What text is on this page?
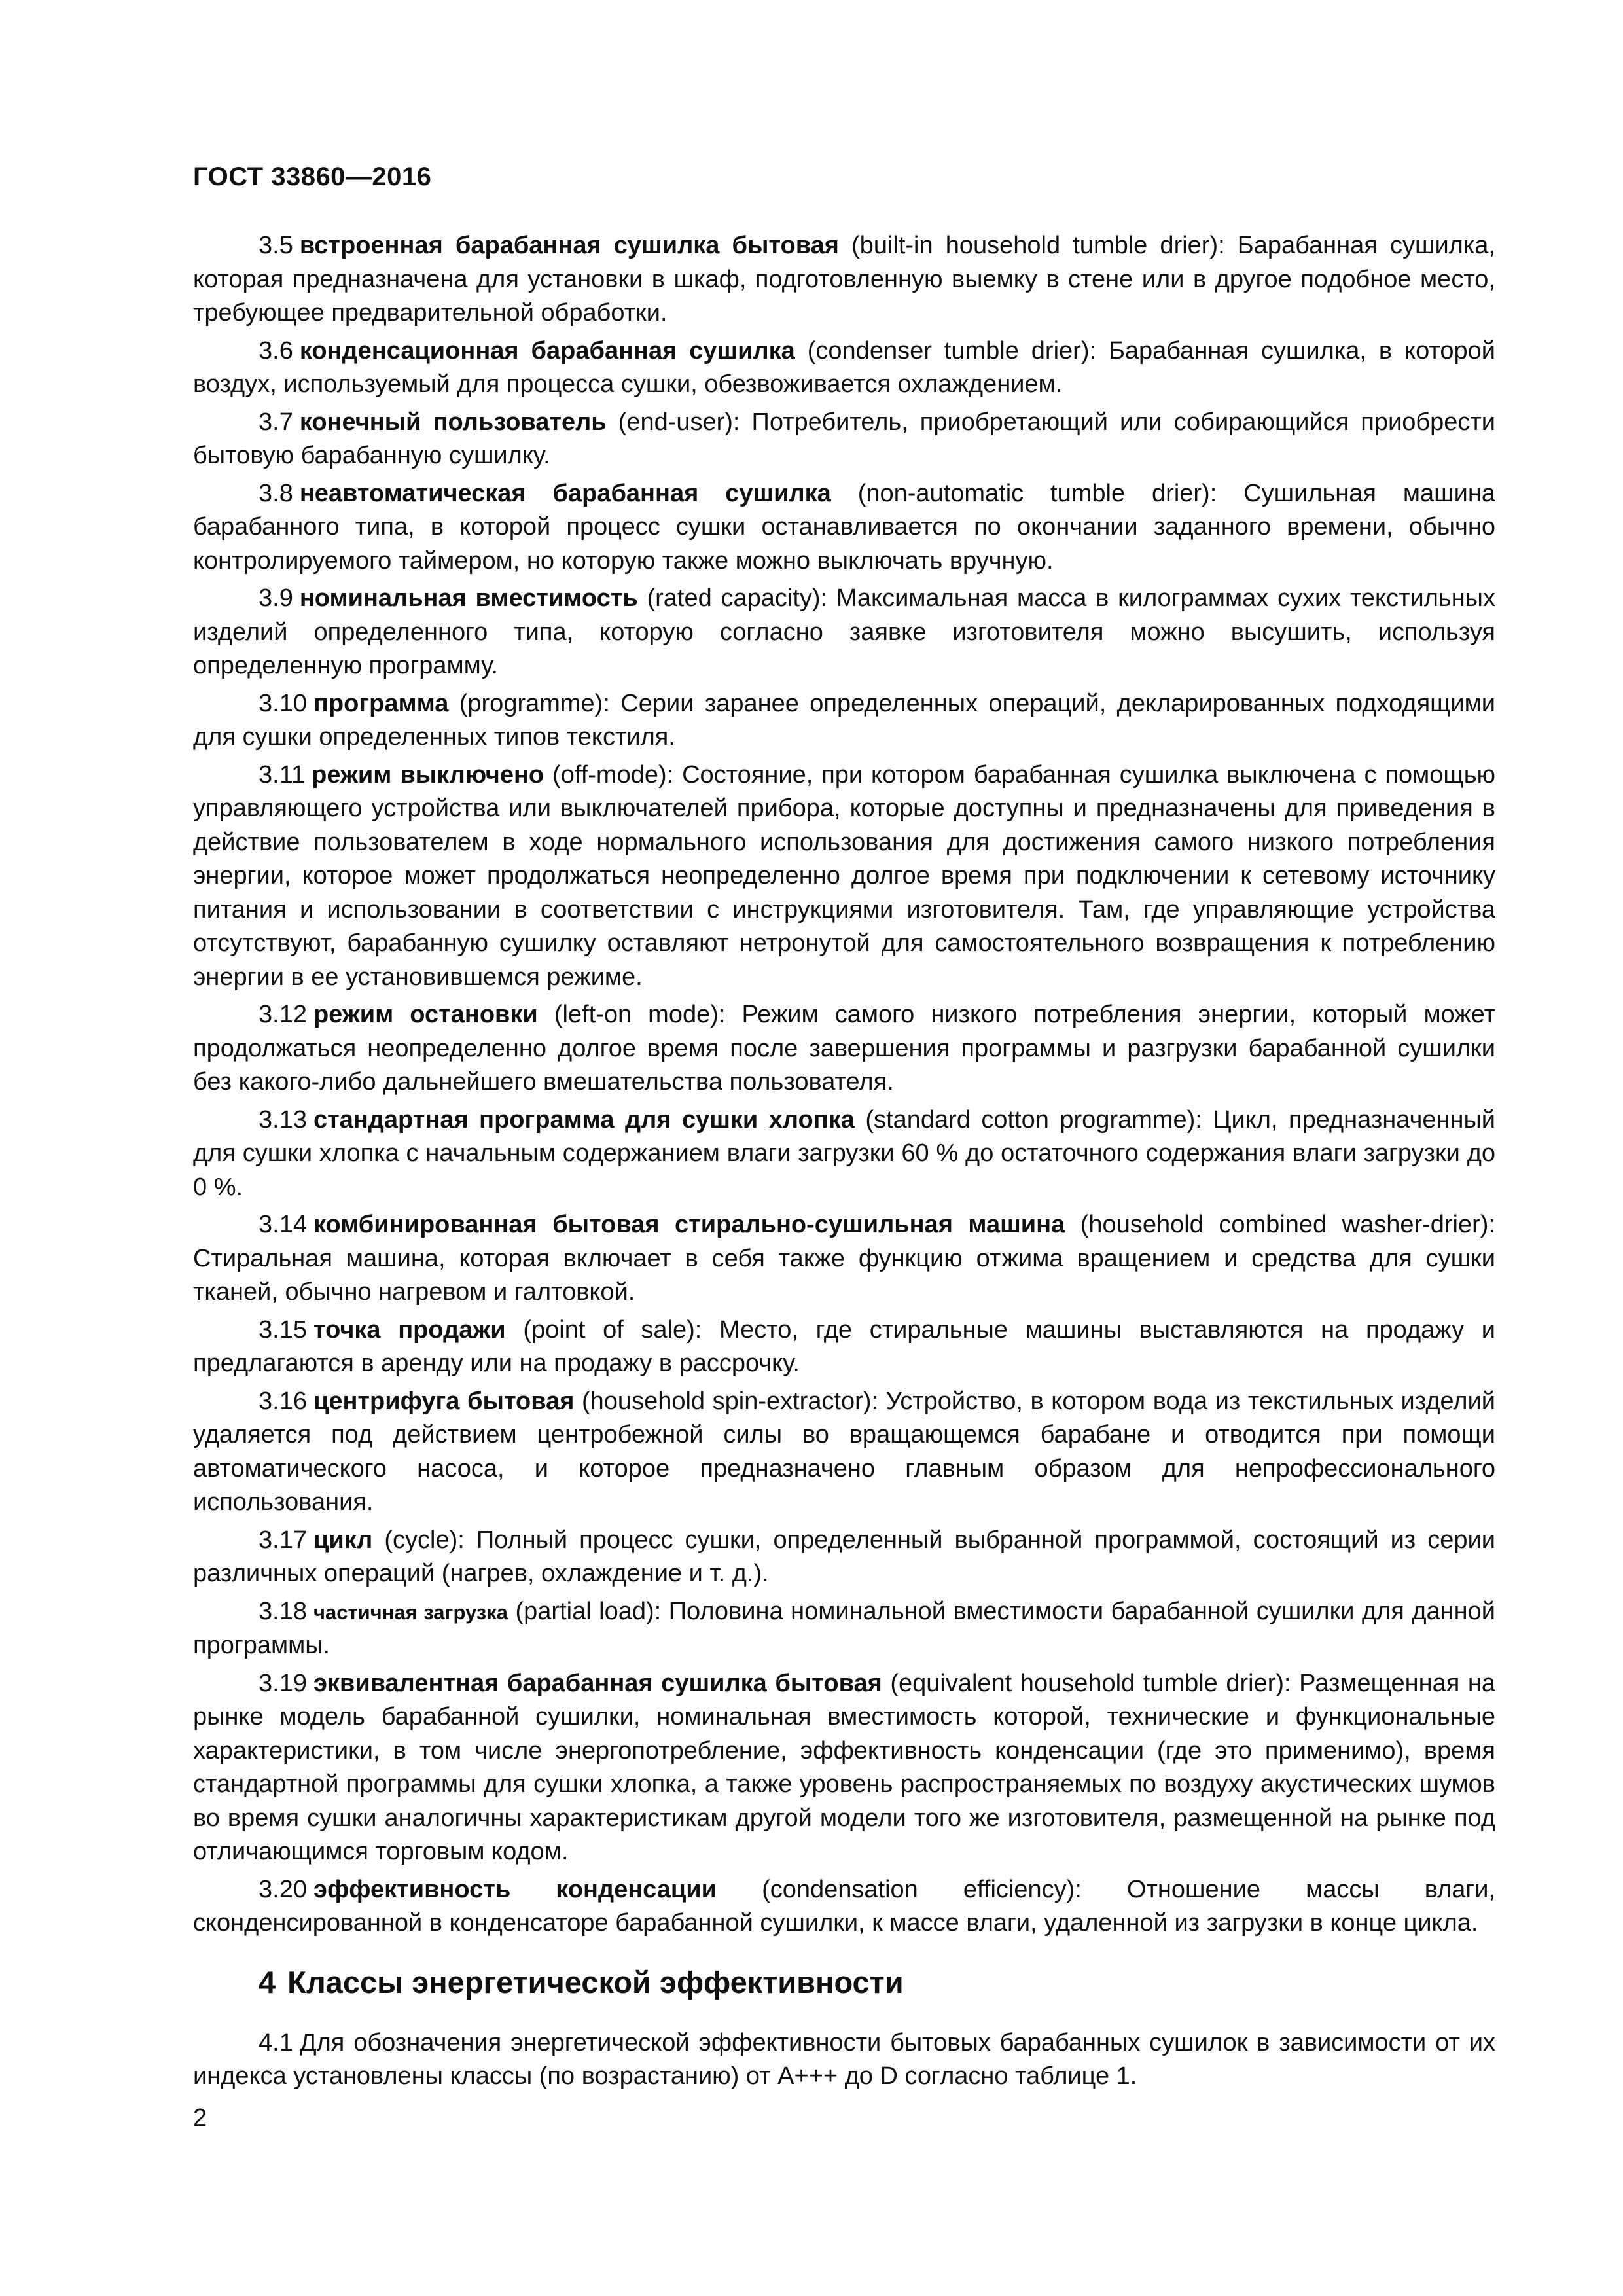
ГОСТ 33860—2016

3.5 встроенная барабанная сушилка бытовая (built-in household tumble drier): Барабанная сушилка, которая предназначена для установки в шкаф, подготовленную выемку в стене или в другое подобное место, требующее предварительной обработки.

3.6 конденсационная барабанная сушилка (condenser tumble drier): Барабанная сушилка, в которой воздух, используемый для процесса сушки, обезвоживается охлаждением.

3.7 конечный пользователь (end-user): Потребитель, приобретающий или собирающийся приобрести бытовую барабанную сушилку.

3.8 неавтоматическая барабанная сушилка (non-automatic tumble drier): Сушильная машина барабанного типа, в которой процесс сушки останавливается по окончании заданного времени, обычно контролируемого таймером, но которую также можно выключать вручную.

3.9 номинальная вместимость (rated capacity): Максимальная масса в килограммах сухих текстильных изделий определенного типа, которую согласно заявке изготовителя можно высушить, используя определенную программу.

3.10 программа (programme): Серии заранее определенных операций, декларированных подходящими для сушки определенных типов текстиля.

3.11 режим выключено (off-mode): Состояние, при котором барабанная сушилка выключена с помощью управляющего устройства или выключателей прибора, которые доступны и предназначены для приведения в действие пользователем в ходе нормального использования для достижения самого низкого потребления энергии, которое может продолжаться неопределенно долгое время при подключении к сетевому источнику питания и использовании в соответствии с инструкциями изготовителя. Там, где управляющие устройства отсутствуют, барабанную сушилку оставляют нетронутой для самостоятельного возвращения к потреблению энергии в ее установившемся режиме.

3.12 режим остановки (left-on mode): Режим самого низкого потребления энергии, который может продолжаться неопределенно долгое время после завершения программы и разгрузки барабанной сушилки без какого-либо дальнейшего вмешательства пользователя.

3.13 стандартная программа для сушки хлопка (standard cotton programme): Цикл, предназначенный для сушки хлопка с начальным содержанием влаги загрузки 60 % до остаточного содержания влаги загрузки до 0 %.

3.14 комбинированная бытовая стирально-сушильная машина (household combined washer-drier): Стиральная машина, которая включает в себя также функцию отжима вращением и средства для сушки тканей, обычно нагревом и галтовкой.

3.15 точка продажи (point of sale): Место, где стиральные машины выставляются на продажу и предлагаются в аренду или на продажу в рассрочку.

3.16 центрифуга бытовая (household spin-extractor): Устройство, в котором вода из текстильных изделий удаляется под действием центробежной силы во вращающемся барабане и отводится при помощи автоматического насоса, и которое предназначено главным образом для непрофессионального использования.

3.17 цикл (cycle): Полный процесс сушки, определенный выбранной программой, состоящий из серии различных операций (нагрев, охлаждение и т. д.).

3.18 частичная загрузка (partial load): Половина номинальной вместимости барабанной сушилки для данной программы.

3.19 эквивалентная барабанная сушилка бытовая (equivalent household tumble drier): Размещенная на рынке модель барабанной сушилки, номинальная вместимость которой, технические и функциональные характеристики, в том числе энергопотребление, эффективность конденсации (где это применимо), время стандартной программы для сушки хлопка, а также уровень распространяемых по воздуху акустических шумов во время сушки аналогичны характеристикам другой модели того же изготовителя, размещенной на рынке под отличающимся торговым кодом.

3.20 эффективность конденсации (condensation efficiency): Отношение массы влаги, сконденсированной в конденсаторе барабанной сушилки, к массе влаги, удаленной из загрузки в конце цикла.

4 Классы энергетической эффективности

4.1 Для обозначения энергетической эффективности бытовых барабанных сушилок в зависимости от их индекса установлены классы (по возрастанию) от A+++ до D согласно таблице 1.

2
